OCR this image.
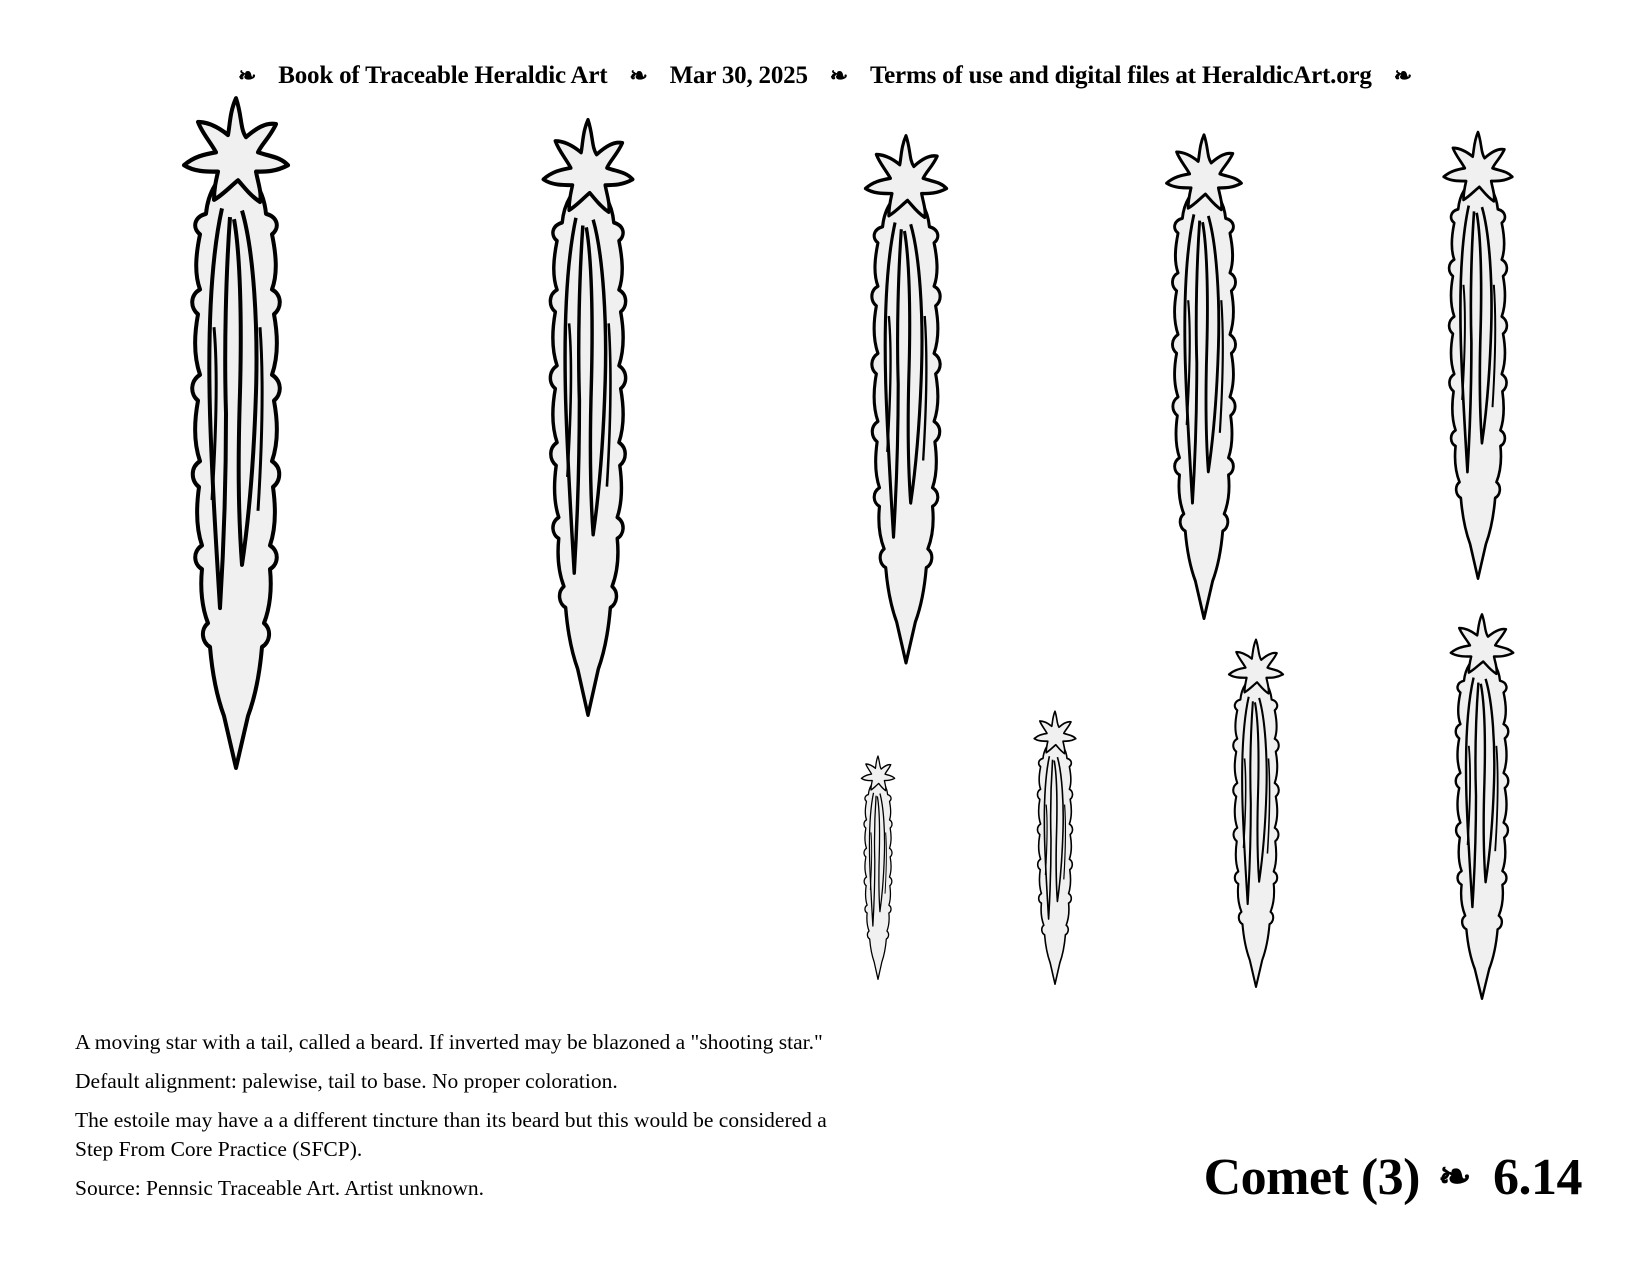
❧ Book of Traceable Heraldic Art ❧ Mar 30, 2025 ❧ Terms of use and digital files at HeraldicArt.org ❧

A moving star with a tail, called a beard. If inverted may be blazoned a "shooting star."

Default alignment: palewise, tail to base. No proper coloration.

The estoile may have a a different tincture than its beard but this would be considered a Step From Core Practice (SFCP).

Source: Pennsic Traceable Art. Artist unknown.	Comet (3) ❧ 6.14
